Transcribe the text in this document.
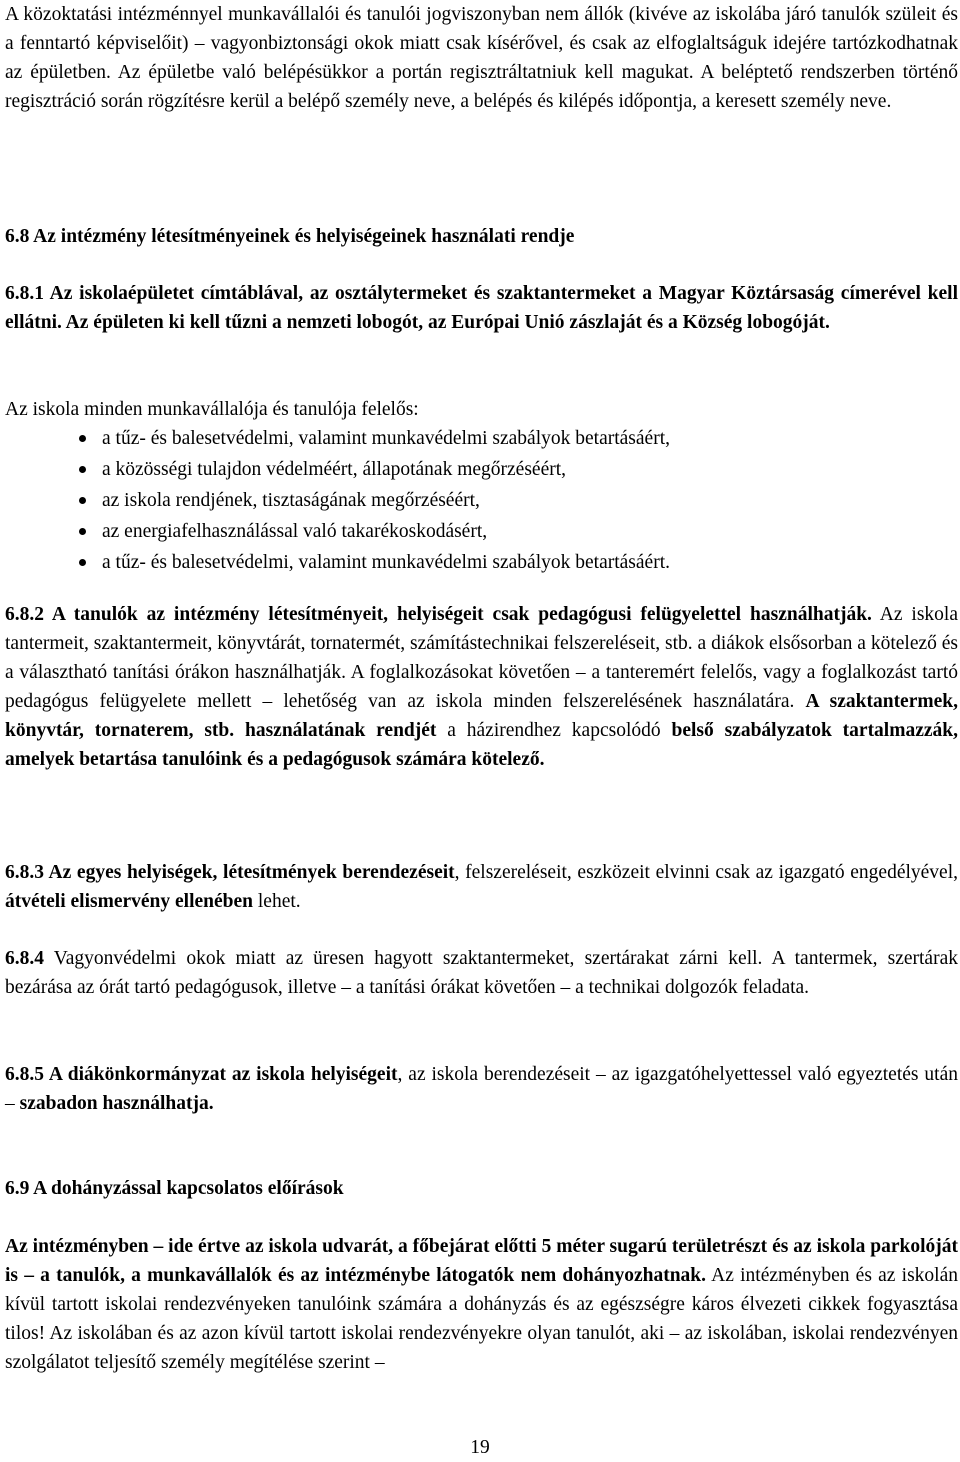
A közoktatási intézménnyel munkavállalói és tanulói jogviszonyban nem állók (kivéve az iskolába járó tanulók szüleit és a fenntartó képviselőit) – vagyonbiztonsági okok miatt csak kísérővel, és csak az elfoglaltságuk idejére tartózkodhatnak az épületben. Az épületbe való belépésükkor a portán regisztráltatniuk kell magukat. A beléptető rendszerben történő regisztráció során rögzítésre kerül a belépő személy neve, a belépés és kilépés időpontja, a keresett személy neve.

6.8 Az intézmény létesítményeinek és helyiségeinek használati rendje

6.8.1 Az iskolaépületet címtáblával, az osztálytermeket és szaktantermeket a Magyar Köztársaság címerével kell ellátni. Az épületen ki kell tűzni a nemzeti lobogót, az Európai Unió zászlaját és a Község lobogóját.

Az iskola minden munkavállalója és tanulója felelős:

a tűz- és balesetvédelmi, valamint munkavédelmi szabályok betartásáért,
a közösségi tulajdon védelméért, állapotának megőrzéséért,
az iskola rendjének, tisztaságának megőrzéséért,
az energiafelhasználással való takarékoskodásért,
a tűz- és balesetvédelmi, valamint munkavédelmi szabályok betartásáért.

6.8.2 A tanulók az intézmény létesítményeit, helyiségeit csak pedagógusi felügyelettel használhatják. Az iskola tantermeit, szaktantermeit, könyvtárát, tornatermét, számítástechnikai felszereléseit, stb. a diákok elsősorban a kötelező és a választható tanítási órákon használhatják. A foglalkozásokat követően – a tanteremért felelős, vagy a foglalkozást tartó pedagógus felügyelete mellett – lehetőség van az iskola minden felszerelésének használatára. A szaktantermek, könyvtár, tornaterem, stb. használatának rendjét a házirendhez kapcsolódó belső szabályzatok tartalmazzák, amelyek betartása tanulóink és a pedagógusok számára kötelező.

6.8.3 Az egyes helyiségek, létesítmények berendezéseit, felszereléseit, eszközeit elvinni csak az igazgató engedélyével, átvételi elismervény ellenében lehet.

6.8.4 Vagyonvédelmi okok miatt az üresen hagyott szaktantermeket, szertárakat zárni kell. A tantermek, szertárak bezárása az órát tartó pedagógusok, illetve – a tanítási órákat követően – a technikai dolgozók feladata.

6.8.5 A diákönkormányzat az iskola helyiségeit, az iskola berendezéseit – az igazgatóhelyettessel való egyeztetés után – szabadon használhatja.

6.9 A dohányzással kapcsolatos előírások

Az intézményben – ide értve az iskola udvarát, a főbejárat előtti 5 méter sugarú területrészt és az iskola parkolóját is – a tanulók, a munkavállalók és az intézménybe látogatók nem dohányozhatnak. Az intézményben és az iskolán kívül tartott iskolai rendezvényeken tanulóink számára a dohányzás és az egészségre káros élvezeti cikkek fogyasztása tilos! Az iskolában és az azon kívül tartott iskolai rendezvényekre olyan tanulót, aki – az iskolában, iskolai rendezvényen szolgálatot teljesítő személy megítélése szerint –

19
